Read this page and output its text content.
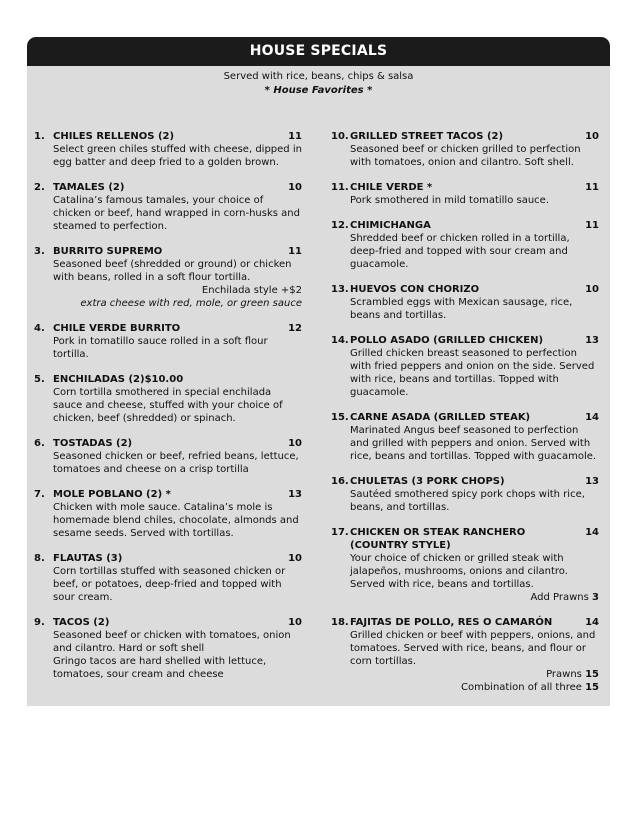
HOUSE SPECIALS
Served with rice, beans, chips & salsa
* House Favorites *
1. CHILES RELLENOS (2)	11
Select green chiles stuffed with cheese, dipped in egg batter and deep fried to a golden brown.
2. TAMALES (2)	10
Catalina’s famous tamales, your choice of chicken or beef, hand wrapped in corn-husks and steamed to perfection.
3. BURRITO SUPREMO	11
Seasoned beef (shredded or ground) or chicken with beans, rolled in a soft flour tortilla.
Enchilada style +$2
extra cheese with red, mole, or green sauce
4. CHILE VERDE BURRITO	12
Pork in tomatillo sauce rolled in a soft flour tortilla.
5. ENCHILADAS (2)$10.00
Corn tortilla smothered in special enchilada sauce and cheese, stuffed with your choice of chicken, beef (shredded) or spinach.
6. TOSTADAS (2)	10
Seasoned chicken or beef, refried beans, lettuce, tomatoes and cheese on a crisp tortilla
7. MOLE POBLANO (2) *	13
Chicken with mole sauce. Catalina’s mole is homemade blend chiles, chocolate, almonds and sesame seeds. Served with tortillas.
8. FLAUTAS (3)	10
Corn tortillas stuffed with seasoned chicken or beef, or potatoes, deep-fried and topped with sour cream.
9. TACOS (2)	10
Seasoned beef or chicken with tomatoes, onion and cilantro. Hard or soft shell
Gringo tacos are hard shelled with lettuce, tomatoes, sour cream and cheese
10. GRILLED STREET TACOS (2)	10
Seasoned beef or chicken grilled to perfection with tomatoes, onion and cilantro. Soft shell.
11. CHILE VERDE *	11
Pork smothered in mild tomatillo sauce.
12. CHIMICHANGA	11
Shredded beef or chicken rolled in a tortilla, deep-fried and topped with sour cream and guacamole.
13. HUEVOS CON CHORIZO	10
Scrambled eggs with Mexican sausage, rice, beans and tortillas.
14. POLLO ASADO (GRILLED CHICKEN)	13
Grilled chicken breast seasoned to perfection with fried peppers and onion on the side. Served with rice, beans and tortillas. Topped with guacamole.
15. CARNE ASADA (GRILLED STEAK)	14
Marinated Angus beef seasoned to perfection and grilled with peppers and onion. Served with rice, beans and tortillas. Topped with guacamole.
16. CHULETAS (3 PORK CHOPS)	13
Sautéed smothered spicy pork chops with rice, beans, and tortillas.
17. CHICKEN OR STEAK RANCHERO	14
(COUNTRY STYLE)
Your choice of chicken or grilled steak with jalapeños, mushrooms, onions and cilantro. Served with rice, beans and tortillas.
Add Prawns 3
18. FAJITAS DE POLLO, RES O CAMARÓN	14
Grilled chicken or beef with peppers, onions, and tomatoes. Served with rice, beans, and flour or corn tortillas.
Prawns 15
Combination of all three 15
